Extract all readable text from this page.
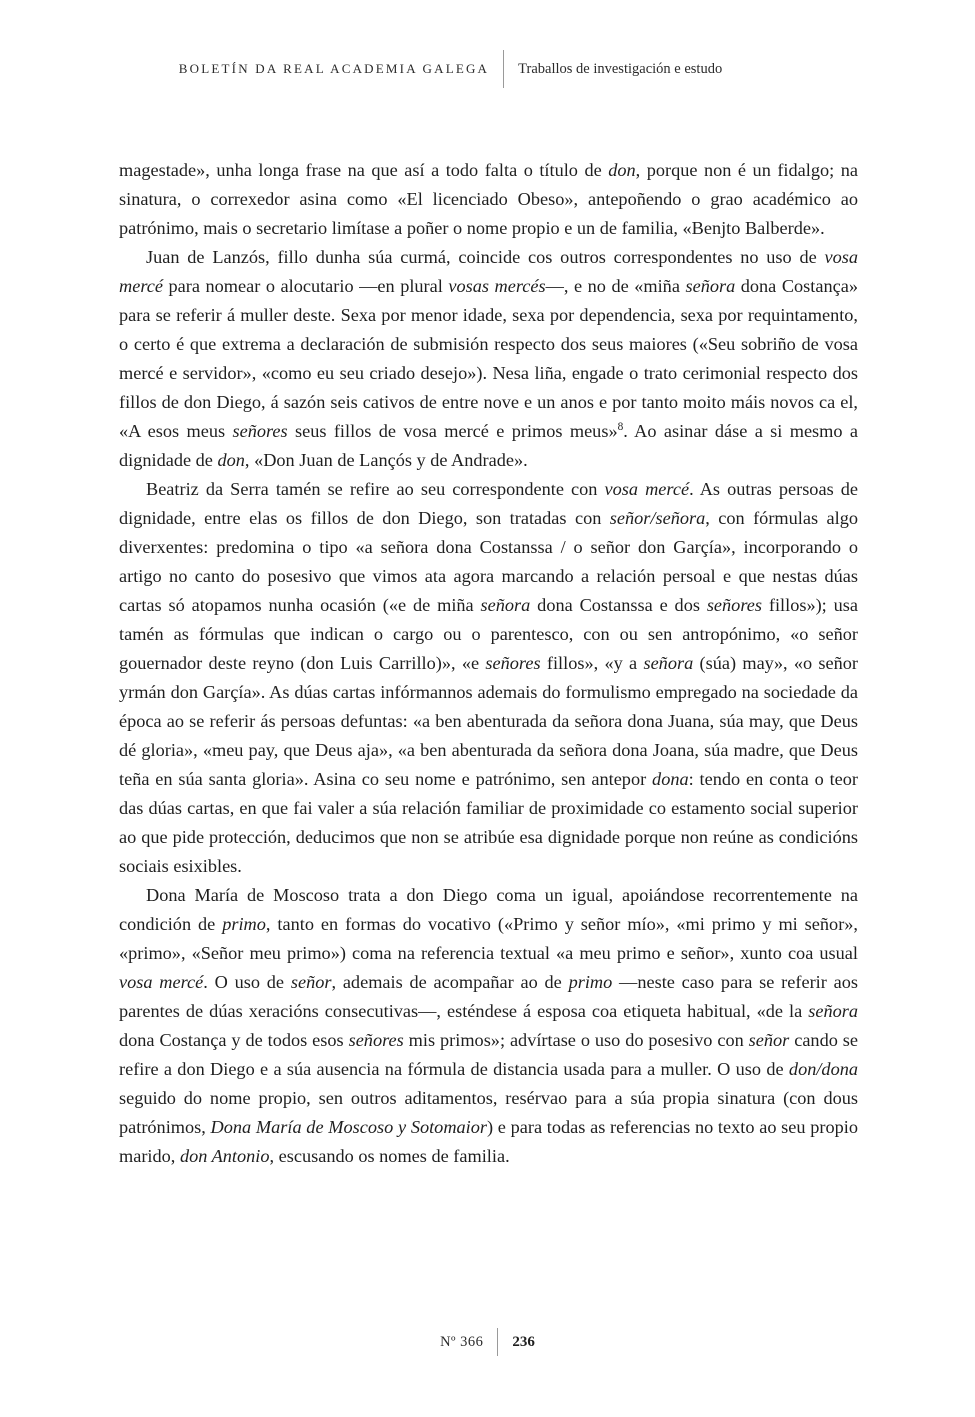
BOLETÍN DA REAL ACADEMIA GALEGA Traballos de investigación e estudo

magestade», unha longa frase na que así a todo falta o título de don, porque non é un fidalgo; na sinatura, o correxedor asina como «El licenciado Obeso», antepoñendo o grao académico ao patrónimo, mais o secretario limítase a poñer o nome propio e un de familia, «Benjto Balberde».

Juan de Lanzós, fillo dunha súa curmá, coincide cos outros correspondentes no uso de vosa mercé para nomear o alocutario —en plural vosas mercés—, e no de «miña señora dona Costança» para se referir á muller deste. Sexa por menor idade, sexa por dependencia, sexa por requintamento, o certo é que extrema a declaración de submisión respecto dos seus maiores («Seu sobriño de vosa mercé e servidor», «como eu seu criado desejo»). Nesa liña, engade o trato cerimonial respecto dos fillos de don Diego, á sazón seis cativos de entre nove e un anos e por tanto moito máis novos ca el, «A esos meus señores seus fillos de vosa mercé e primos meus»$^8$. Ao asinar dáse a si mesmo a dignidade de don, «Don Juan de Lançós y de Andrade».

Beatriz da Serra tamén se refire ao seu correspondente con vosa mercé. As outras persoas de dignidade, entre elas os fillos de don Diego, son tratadas con señor/señora, con fórmulas algo diverxentes: predomina o tipo «a señora dona Costanssa / o señor don Garçía», incorporando o artigo no canto do posesivo que vimos ata agora marcando a relación persoal e que nestas dúas cartas só atopamos nunha ocasión («e de miña señora dona Costanssa e dos señores fillos»); usa tamén as fórmulas que indican o cargo ou o parentesco, con ou sen antropónimo, «o señor gouernador deste reyno (don Luis Carrillo)», «e señores fillos», «y a señora (súa) may», «o señor yrmán don Garçía». As dúas cartas infórmannos ademais do formulismo empregado na sociedade da época ao se referir ás persoas defuntas: «a ben abenturada da señora dona Juana, súa may, que Deus dé gloria», «meu pay, que Deus aja», «a ben abenturada da señora dona Joana, súa madre, que Deus teña en súa santa gloria». Asina co seu nome e patrónimo, sen antepor dona: tendo en conta o teor das dúas cartas, en que fai valer a súa relación familiar de proximidade co estamento social superior ao que pide protección, deducimos que non se atribúe esa dignidade porque non reúne as condicións sociais esixibles.

Dona María de Moscoso trata a don Diego coma un igual, apoiándose recorrentemente na condición de primo, tanto en formas do vocativo («Primo y señor mío», «mi primo y mi señor», «primo», «Señor meu primo») coma na referencia textual «a meu primo e señor», xunto coa usual vosa mercé. O uso de señor, ademais de acompañar ao de primo —neste caso para se referir aos parentes de dúas xeracións consecutivas—, esténdese á esposa coa etiqueta habitual, «de la señora dona Costança y de todos esos señores mis primos»; advírtase o uso do posesivo con señor cando se refire a don Diego e a súa ausencia na fórmula de distancia usada para a muller. O uso de don/dona seguido do nome propio, sen outros aditamentos, resérvao para a súa propia sinatura (con dous patrónimos, Dona María de Moscoso y Sotomaior) e para todas as referencias no texto ao seu propio marido, don Antonio, escusando os nomes de familia.

Nº 366 236
